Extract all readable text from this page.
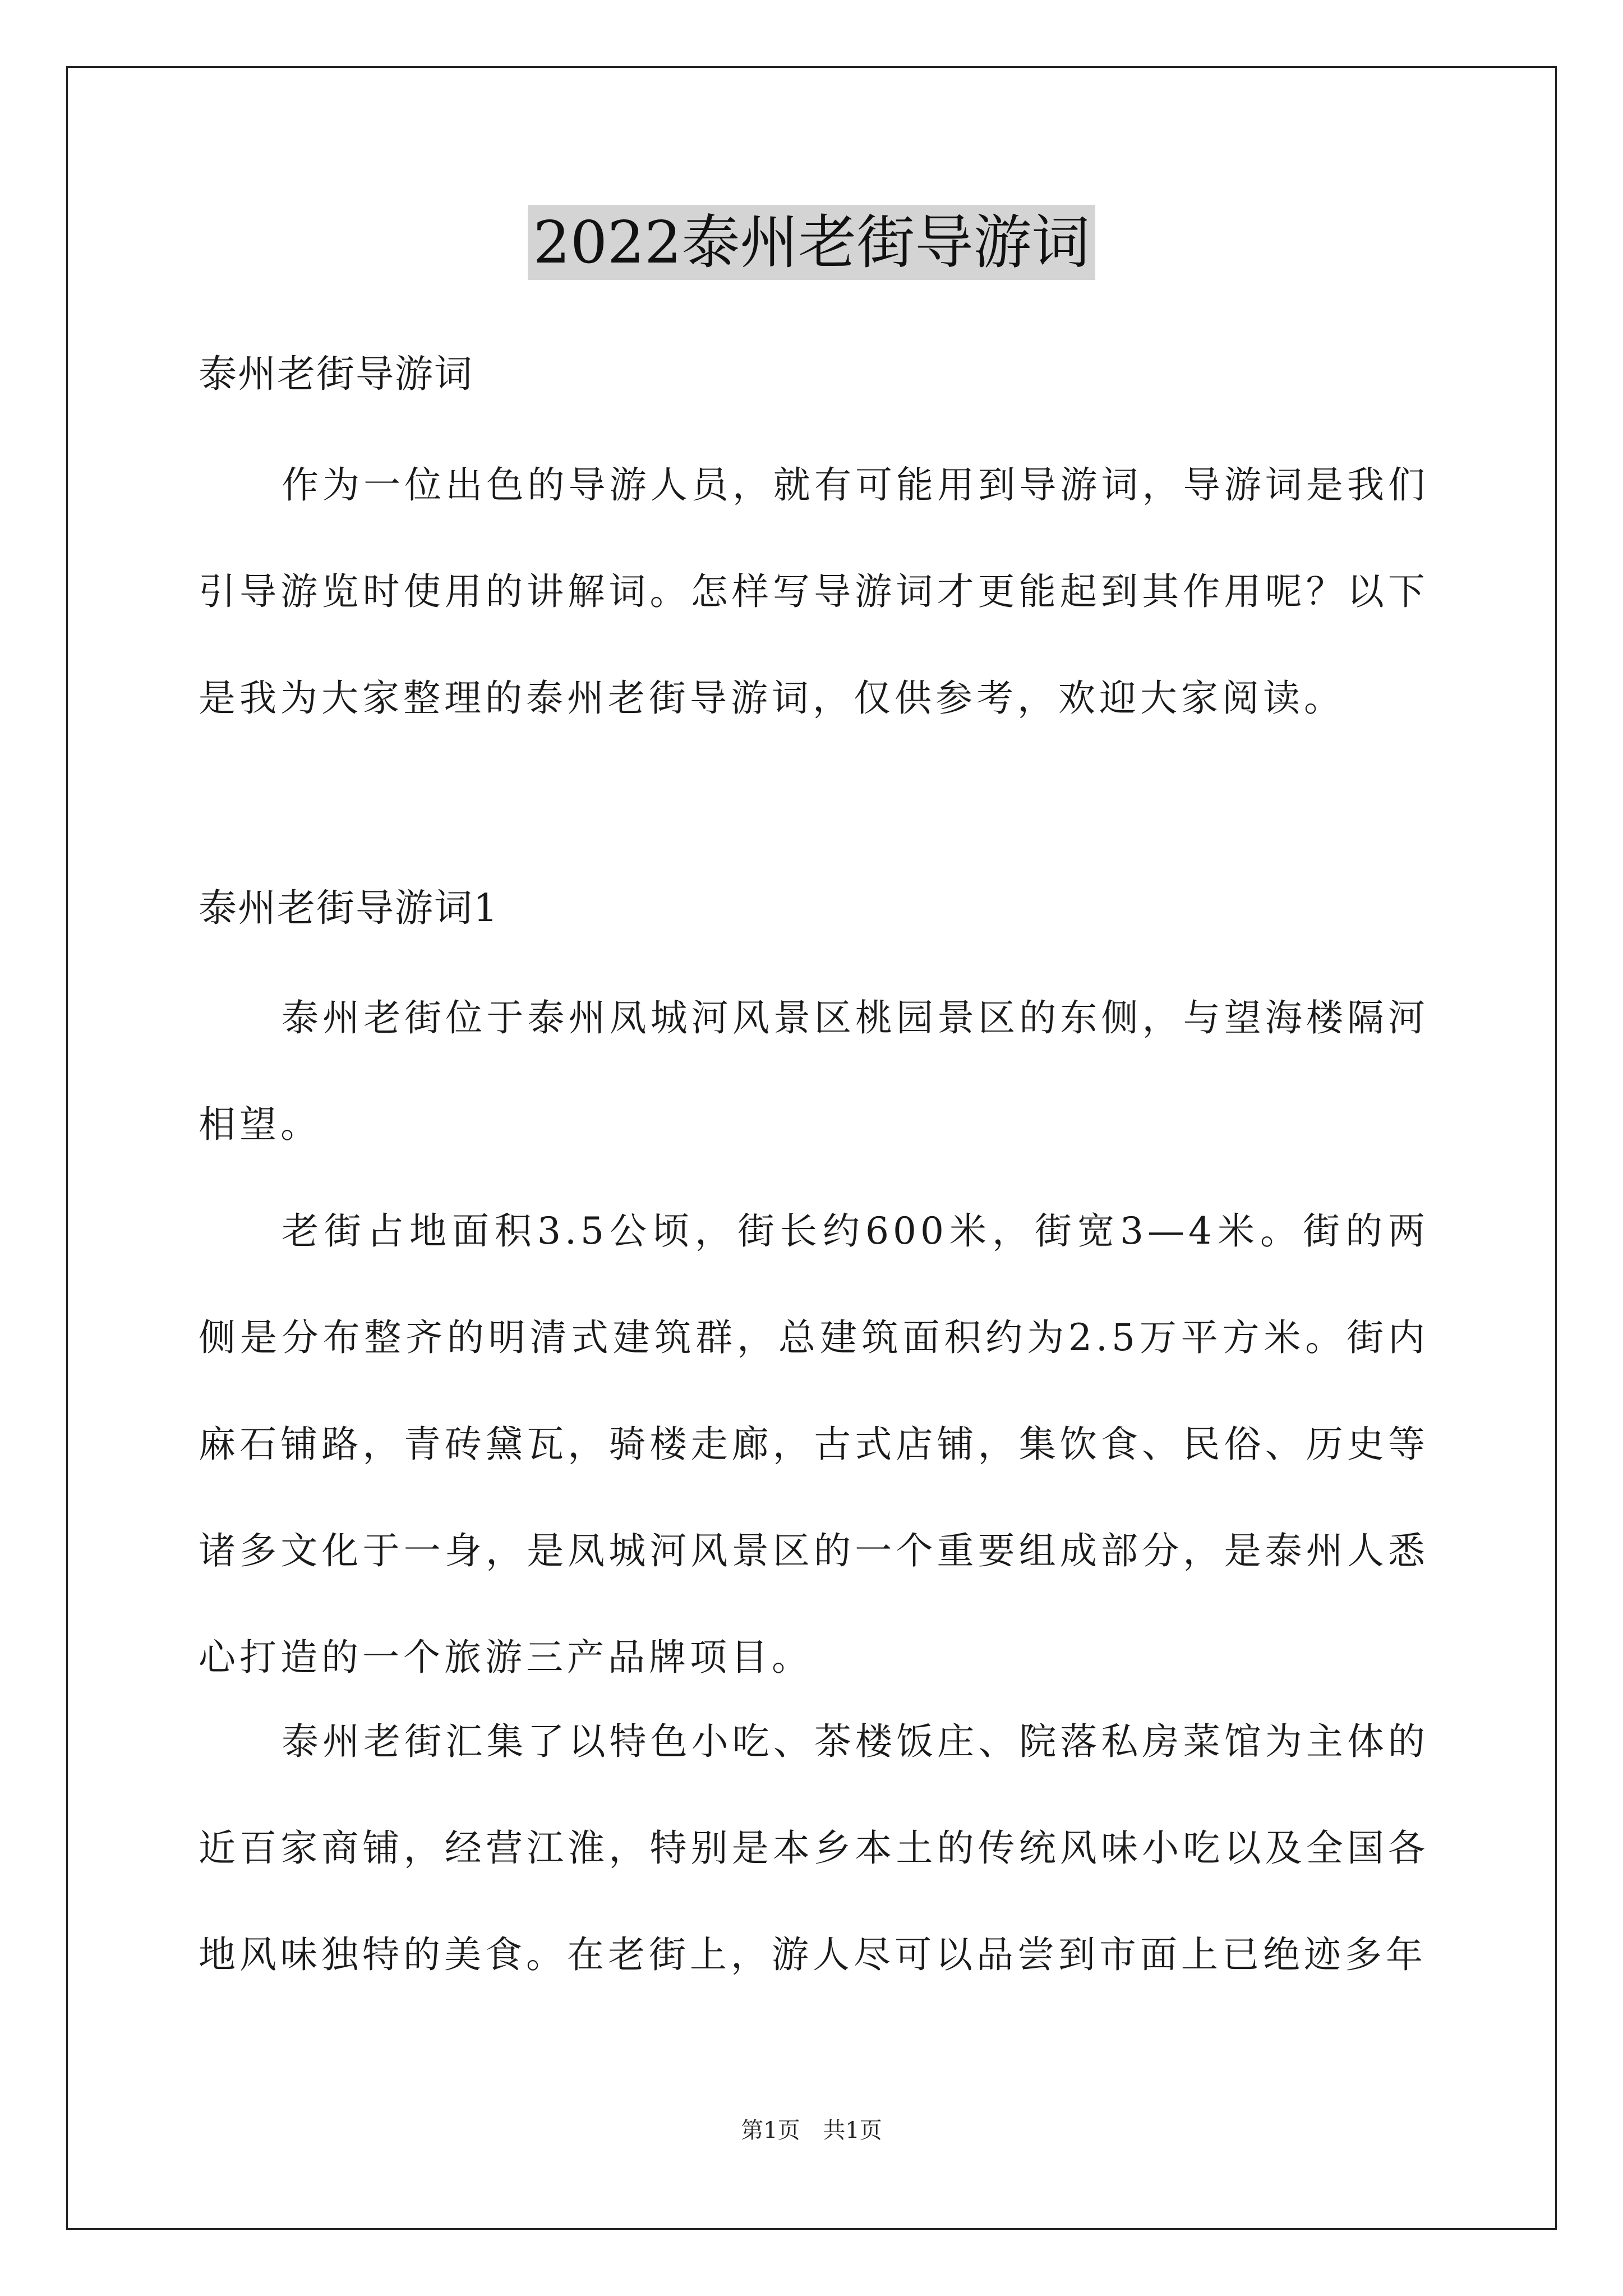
2022泰州老街导游词
泰州老街导游词

作为一位出色的导游人员，就有可能用到导游词，导游词是我们引导游览时使用的讲解词。怎样写导游词才更能起到其作用呢？以下是我为大家整理的泰州老街导游词，仅供参考，欢迎大家阅读。

泰州老街导游词1

泰州老街位于泰州凤城河风景区桃园景区的东侧，与望海楼隔河相望。

老街占地面积3.5公顷，街长约600米，街宽3—4米。街的两侧是分布整齐的明清式建筑群，总建筑面积约为2.5万平方米。街内麻石铺路，青砖黛瓦，骑楼走廊，古式店铺，集饮食、民俗、历史等诸多文化于一身，是凤城河风景区的一个重要组成部分，是泰州人悉心打造的一个旅游三产品牌项目。

泰州老街汇集了以特色小吃、茶楼饭庄、院落私房菜馆为主体的近百家商铺，经营江淮，特别是本乡本土的传统风味小吃以及全国各地风味独特的美食。在老街上，游人尽可以品尝到市面上已绝迹多年

第1页 共1页
